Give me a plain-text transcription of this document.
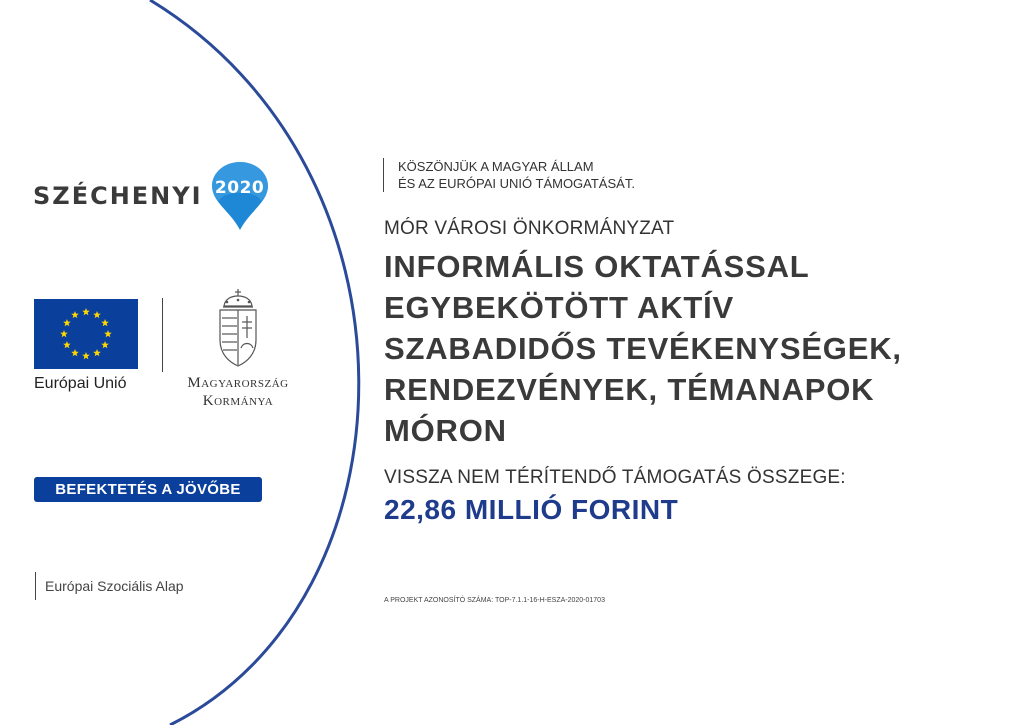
SZÉCHENYI 2020
Európai Unió	Magyarország
Kormánya
BEFEKTETÉS A JÖVŐBE
Európai Szociális Alap
KÖSZÖNJÜK A MAGYAR ÁLLAM
ÉS AZ EURÓPAI UNIÓ TÁMOGATÁSÁT.
MÓR VÁROSI ÖNKORMÁNYZAT
INFORMÁLIS OKTATÁSSAL
EGYBEKÖTÖTT AKTÍV
SZABADIDŐS TEVÉKENYSÉGEK,
RENDEZVÉNYEK, TÉMANAPOK
MÓRON
VISSZA NEM TÉRÍTENDŐ TÁMOGATÁS ÖSSZEGE:
22,86 MILLIÓ FORINT
A PROJEKT AZONOSÍTÓ SZÁMA: TOP-7.1.1-16-H-ESZA-2020-01703
